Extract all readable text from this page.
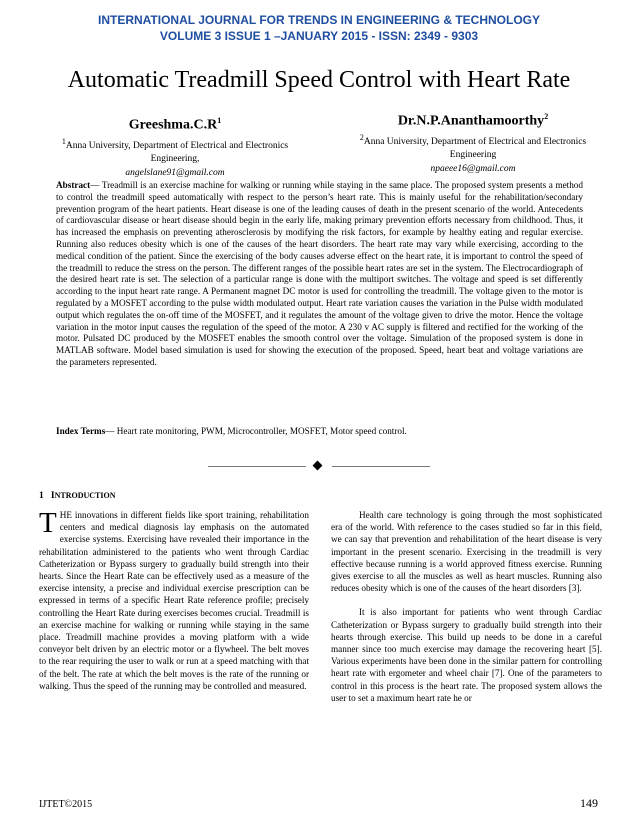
INTERNATIONAL JOURNAL FOR TRENDS IN ENGINEERING & TECHNOLOGY
VOLUME 3 ISSUE 1 –JANUARY 2015 - ISSN: 2349 - 9303
Automatic Treadmill Speed Control with Heart Rate
$Greeshma.C.R^1$
$^1$Anna University, Department of Electrical and Electronics Engineering,
angelslane91@gmail.com
Dr.N.P.Ananthamoorthy$^2$
$^2$Anna University, Department of Electrical and Electronics Engineering
npaeee16@gmail.com
Abstract— Treadmill is an exercise machine for walking or running while staying in the same place. The proposed system presents a method to control the treadmill speed automatically with respect to the person’s heart rate. This is mainly useful for the rehabilitation/secondary prevention program of the heart patients. Heart disease is one of the leading causes of death in the present scenario of the world. Antecedents of cardiovascular disease or heart disease should begin in the early life, making primary prevention efforts necessary from childhood. Thus, it has increased the emphasis on preventing atherosclerosis by modifying the risk factors, for example by healthy eating and regular exercise. Running also reduces obesity which is one of the causes of the heart disorders. The heart rate may vary while exercising, according to the medical condition of the patient. Since the exercising of the body causes adverse effect on the heart rate, it is important to control the speed of the treadmill to reduce the stress on the person. The different ranges of the possible heart rates are set in the system. The Electrocardiograph of the desired heart rate is set. The selection of a particular range is done with the multiport switches. The voltage and speed is set differently according to the input heart rate range. A Permanent magnet DC motor is used for controlling the treadmill. The voltage given to the motor is regulated by a MOSFET according to the pulse width modulated output. Heart rate variation causes the variation in the Pulse width modulated output which regulates the on-off time of the MOSFET, and it regulates the amount of the voltage given to drive the motor. Hence the voltage variation in the motor input causes the regulation of the speed of the motor. A 230 v AC supply is filtered and rectified for the working of the motor. Pulsated DC produced by the MOSFET enables the smooth control over the voltage. Simulation of the proposed system is done in MATLAB software. Model based simulation is used for showing the execution of the proposed. Speed, heart beat and voltage variations are the parameters represented.
Index Terms— Heart rate monitoring, PWM, Microcontroller, MOSFET, Motor speed control.
1 INTRODUCTION
THE innovations in different fields like sport training, rehabilitation centers and medical diagnosis lay emphasis on the automated exercise systems. Exercising have revealed their importance in the rehabilitation administered to the patients who went through Cardiac Catheterization or Bypass surgery to gradually build strength into their hearts. Since the Heart Rate can be effectively used as a measure of the exercise intensity, a precise and individual exercise prescription can be expressed in terms of a specific Heart Rate reference profile; precisely controlling the Heart Rate during exercises becomes crucial. Treadmill is an exercise machine for walking or running while staying in the same place. Treadmill machine provides a moving platform with a wide conveyor belt driven by an electric motor or a flywheel. The belt moves to the rear requiring the user to walk or run at a speed matching with that of the belt. The rate at which the belt moves is the rate of the running or walking. Thus the speed of the running may be controlled and measured.

Health care technology is going through the most sophisticated era of the world. With reference to the cases studied so far in this field, we can say that prevention and rehabilitation of the heart disease is very important in the present scenario. Exercising in the treadmill is very effective because running is a world approved fitness exercise. Running gives exercise to all the muscles as well as heart muscles. Running also reduces obesity which is one of the causes of the heart disorders [3].

It is also important for patients who went through Cardiac Catheterization or Bypass surgery to gradually build strength into their hearts through exercise. This build up needs to be done in a careful manner since too much exercise may damage the recovering heart [5]. Various experiments have been done in the similar pattern for controlling heart rate with ergometer and wheel chair [7]. One of the parameters to control in this process is the heart rate. The proposed system allows the user to set a maximum heart rate he or

IJTET©2015	149
